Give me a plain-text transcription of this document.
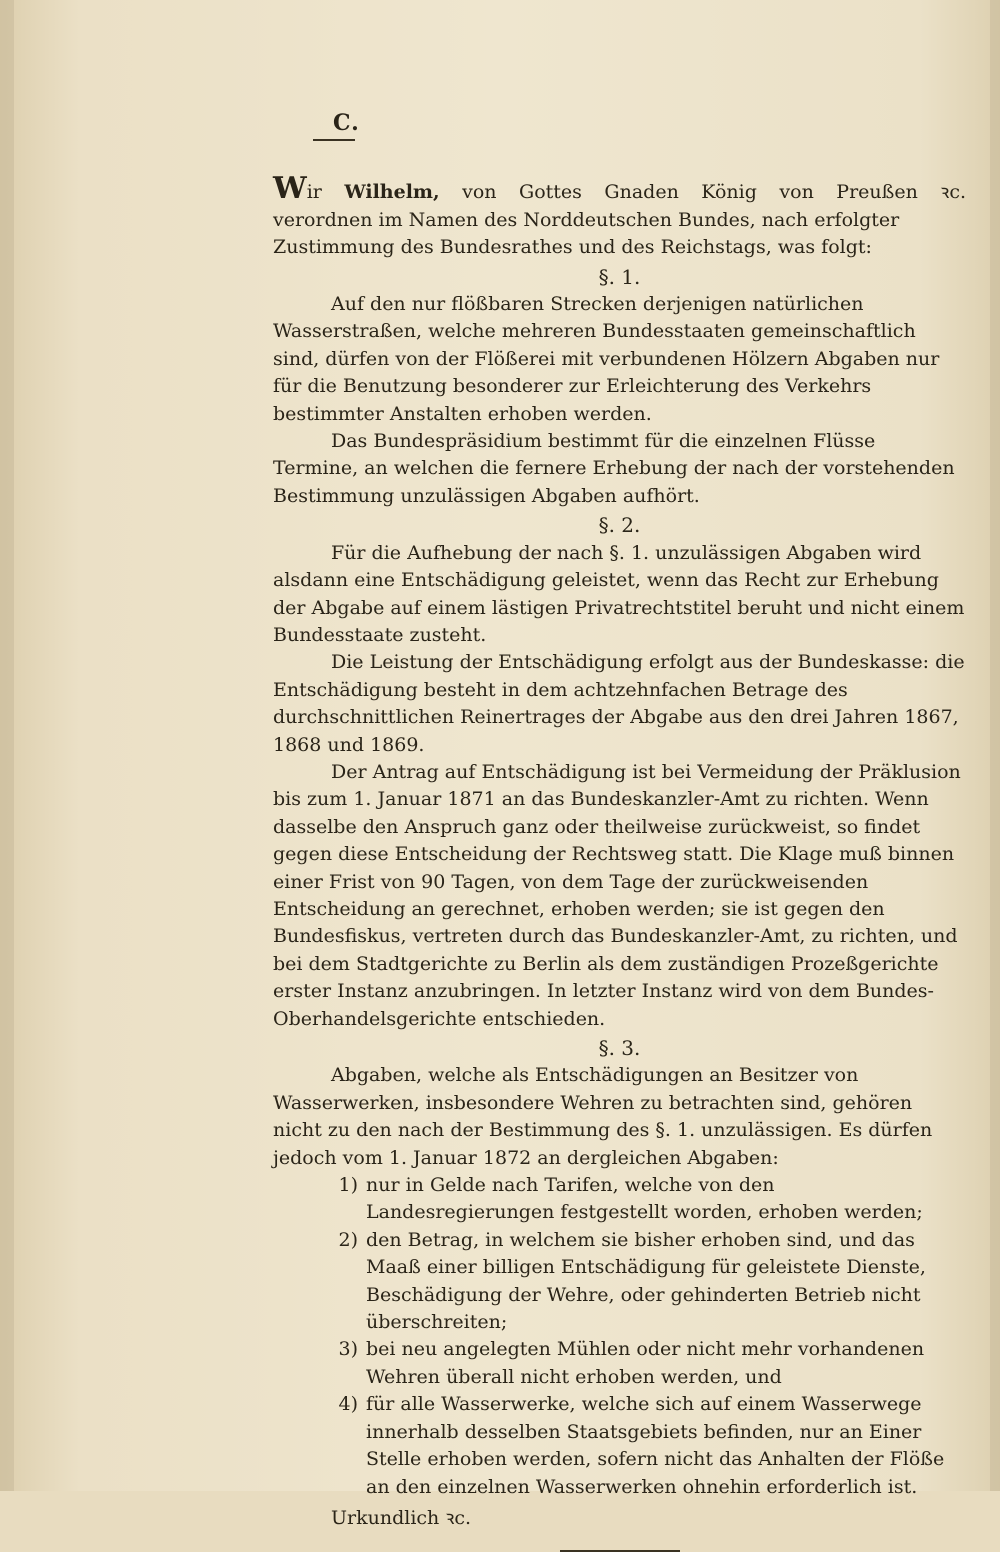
C.

Wir Wilhelm, von Gottes Gnaden König von Preußen ꝛc.

verordnen im Namen des Norddeutschen Bundes, nach erfolgter Zustimmung des Bundesrathes und des Reichstags, was folgt:

§. 1.

Auf den nur flößbaren Strecken derjenigen natürlichen Wasserstraßen, welche mehreren Bundesstaaten gemeinschaftlich sind, dürfen von der Flößerei mit verbundenen Hölzern Abgaben nur für die Benutzung besonderer zur Erleichterung des Verkehrs bestimmter Anstalten erhoben werden.

Das Bundespräsidium bestimmt für die einzelnen Flüsse Termine, an welchen die fernere Erhebung der nach der vorstehenden Bestimmung unzulässigen Abgaben aufhört.

§. 2.

Für die Aufhebung der nach §. 1. unzulässigen Abgaben wird alsdann eine Entschädigung geleistet, wenn das Recht zur Erhebung der Abgabe auf einem lästigen Privatrechtstitel beruht und nicht einem Bundesstaate zusteht.

Die Leistung der Entschädigung erfolgt aus der Bundeskasse: die Entschädigung besteht in dem achtzehnfachen Betrage des durchschnittlichen Reinertrages der Abgabe aus den drei Jahren 1867, 1868 und 1869.

Der Antrag auf Entschädigung ist bei Vermeidung der Präklusion bis zum 1. Januar 1871 an das Bundeskanzler-Amt zu richten. Wenn dasselbe den Anspruch ganz oder theilweise zurückweist, so findet gegen diese Entscheidung der Rechtsweg statt. Die Klage muß binnen einer Frist von 90 Tagen, von dem Tage der zurückweisenden Entscheidung an gerechnet, erhoben werden; sie ist gegen den Bundesfiskus, vertreten durch das Bundeskanzler-Amt, zu richten, und bei dem Stadtgerichte zu Berlin als dem zuständigen Prozeßgerichte erster Instanz anzubringen. In letzter Instanz wird von dem Bundes-Oberhandelsgerichte entschieden.

§. 3.

Abgaben, welche als Entschädigungen an Besitzer von Wasserwerken, insbesondere Wehren zu betrachten sind, gehören nicht zu den nach der Bestimmung des §. 1. unzulässigen. Es dürfen jedoch vom 1. Januar 1872 an dergleichen Abgaben:

1) nur in Gelde nach Tarifen, welche von den Landesregierungen festgestellt worden, erhoben werden;
2) den Betrag, in welchem sie bisher erhoben sind, und das Maaß einer billigen Entschädigung für geleistete Dienste, Beschädigung der Wehre, oder gehinderten Betrieb nicht überschreiten;
3) bei neu angelegten Mühlen oder nicht mehr vorhandenen Wehren überall nicht erhoben werden, und
4) für alle Wasserwerke, welche sich auf einem Wasserwege innerhalb desselben Staatsgebiets befinden, nur an Einer Stelle erhoben werden, sofern nicht das Anhalten der Flöße an den einzelnen Wasserwerken ohnehin erforderlich ist.
Urkundlich ꝛc.
